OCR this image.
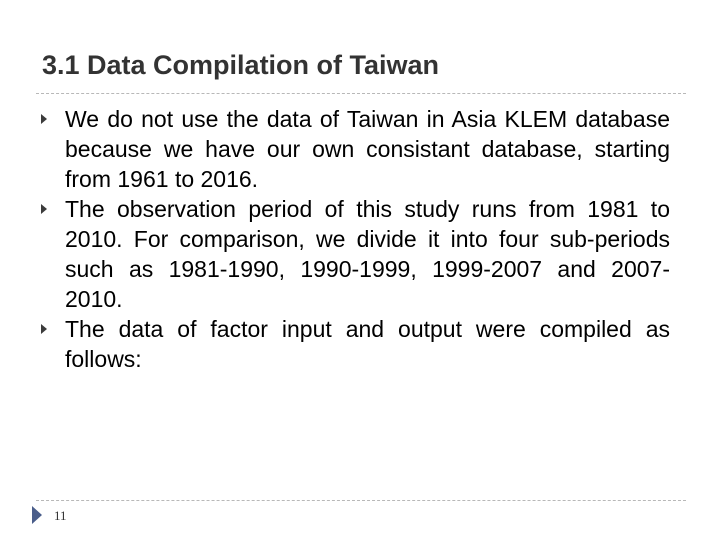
3.1 Data Compilation of Taiwan
We do not use the data of Taiwan in Asia KLEM database because we have our own consistant database, starting from 1961 to 2016.
The observation period of this study runs from 1981 to 2010. For comparison, we divide it into four sub-periods such as 1981-1990, 1990-1999, 1999-2007 and 2007-2010.
The data of factor input and output were compiled as follows:
11
